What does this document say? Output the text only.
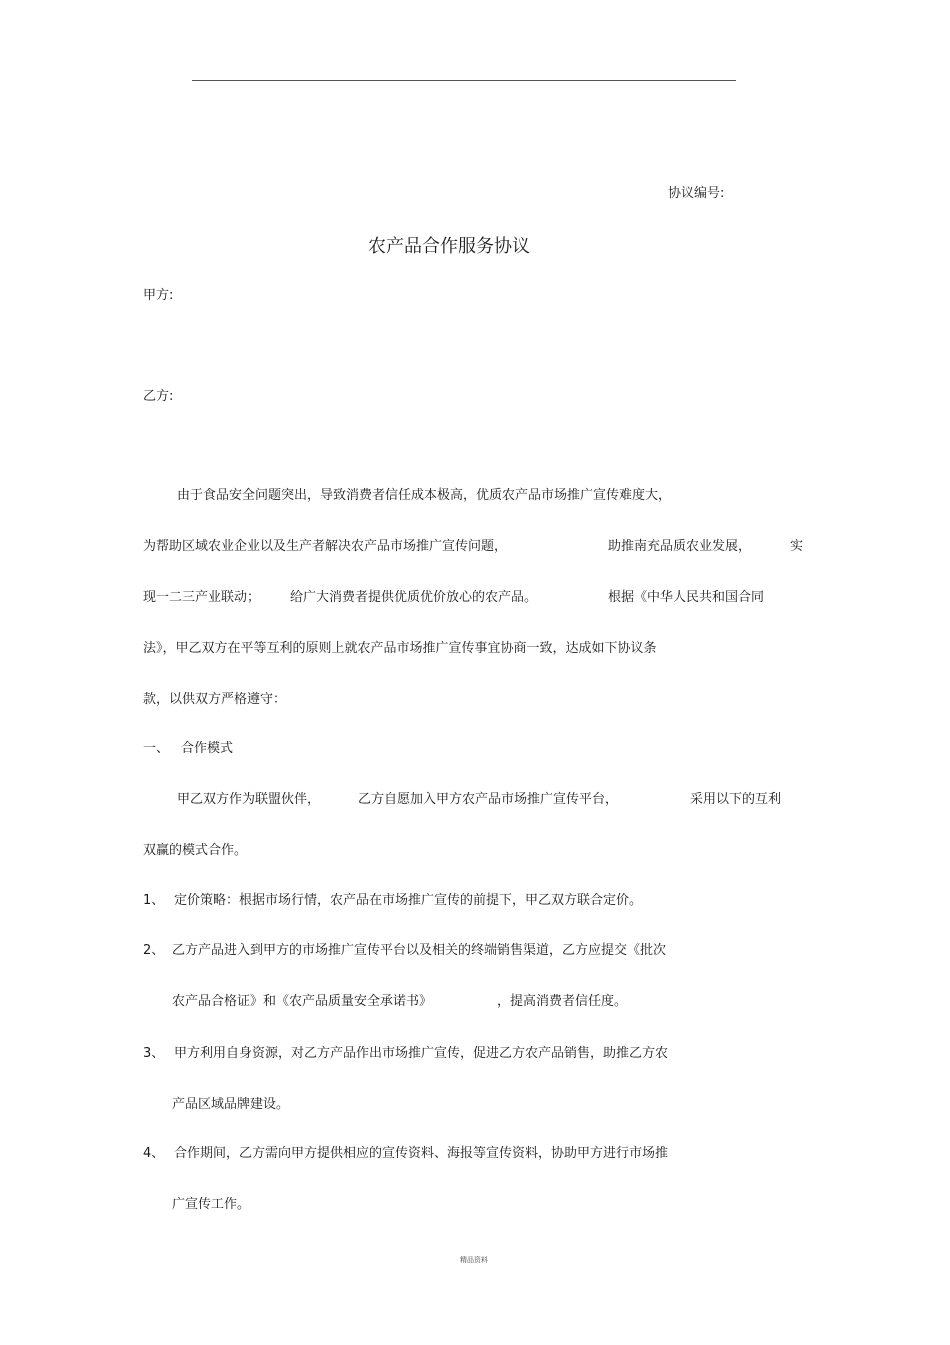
协议编号:
农产品合作服务协议
甲方:
乙方:
由于食品安全问题突出，导致消费者信任成本极高，优质农产品市场推广宣传难度大，
为帮助区域农业企业以及生产者解决农产品市场推广宣传问题，	助推南充品质农业发展，	实
现一二三产业联动； 给广大消费者提供优质优价放心的农产品。	根据《中华人民共和国合同
法》，甲乙双方在平等互利的原则上就农产品市场推广宣传事宜协商一致，达成如下协议条
款，以供双方严格遵守：
一、 合作模式
甲乙双方作为联盟伙伴，	乙方自愿加入甲方农产品市场推广宣传平台，	采用以下的互利
双赢的模式合作。
1、 定价策略：根据市场行情，农产品在市场推广宣传的前提下，甲乙双方联合定价。
2、 乙方产品进入到甲方的市场推广宣传平台以及相关的终端销售渠道，乙方应提交《批次
农产品合格证》和《农产品质量安全承诺书》	，提高消费者信任度。
3、 甲方利用自身资源，对乙方产品作出市场推广宣传，促进乙方农产品销售，助推乙方农
产品区域品牌建设。
4、 合作期间，乙方需向甲方提供相应的宣传资料、海报等宣传资料，协助甲方进行市场推
广宣传工作。
精品资料
